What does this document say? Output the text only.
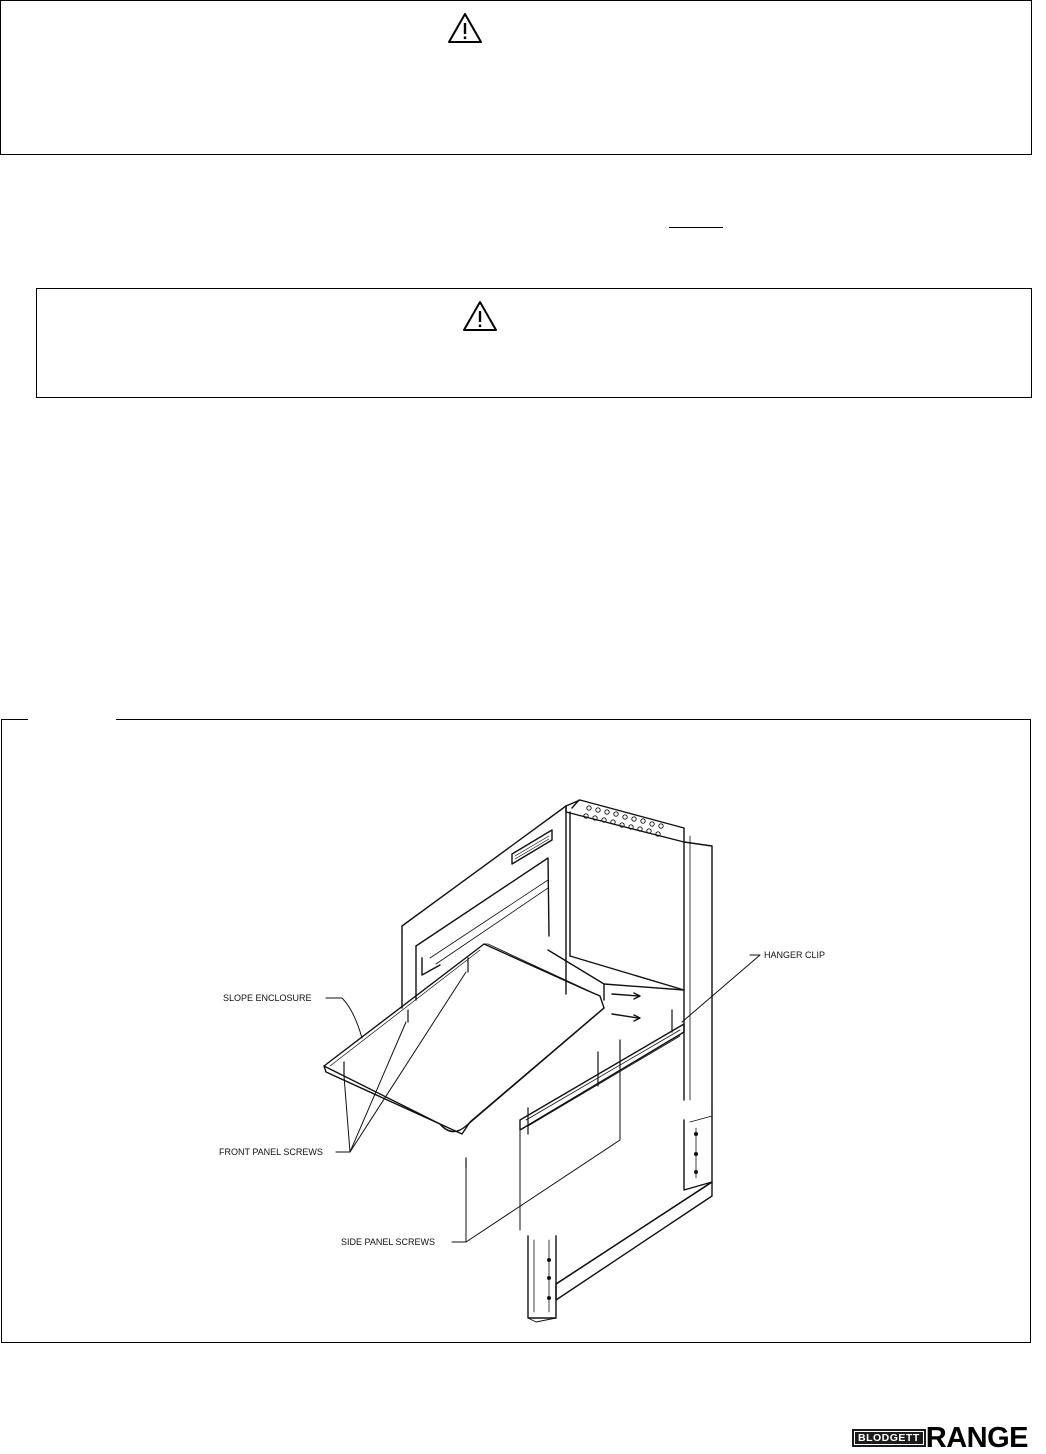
SLOPE ENCLOSURE
HANGER CLIP
FRONT PANEL SCREWS
SIDE PANEL SCREWS
BLODGETT RANGE
